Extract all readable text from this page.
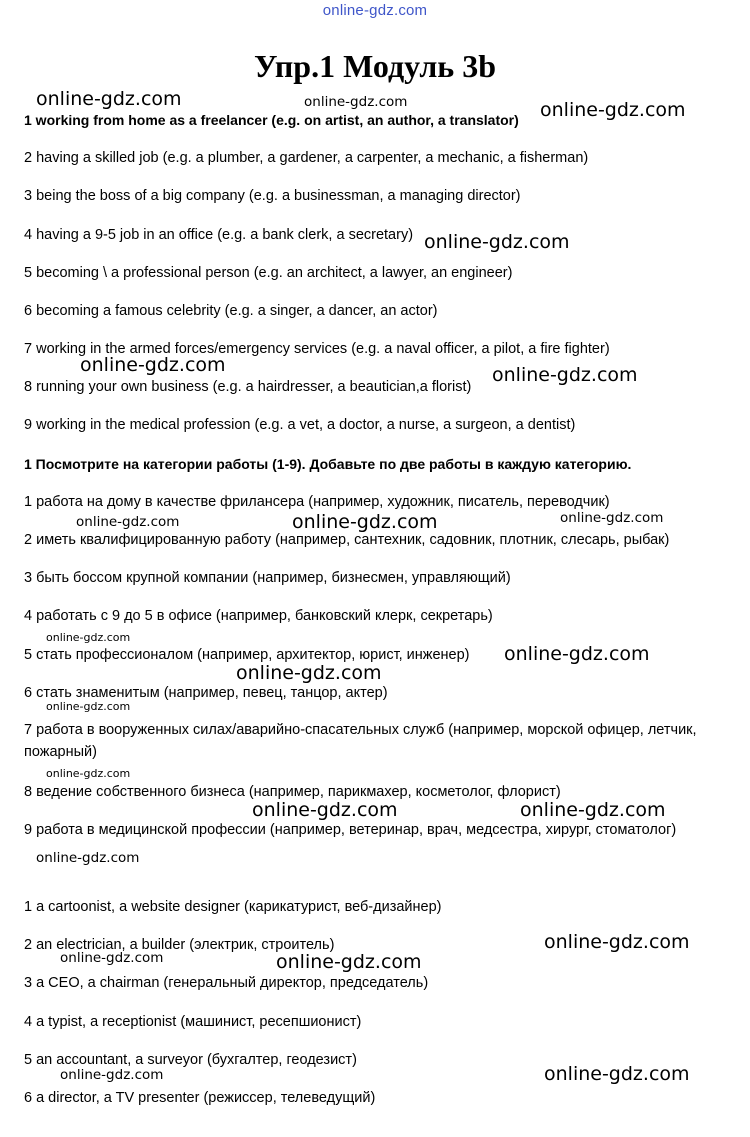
online-gdz.com
Упр.1 Модуль 3b
1 working from home as a freelancer (e.g. on artist, an author, a translator)
2 having a skilled job (e.g. a plumber, a gardener, a carpenter, a mechanic, a fisherman)
3 being the boss of a big company (e.g. a businessman, a managing director)
4 having a 9-5 job in an office (e.g. a bank clerk, a secretary)
5 becoming \ a professional person (e.g. an architect, a lawyer, an engineer)
6 becoming a famous celebrity (e.g. a singer, a dancer, an actor)
7 working in the armed forces/emergency services (e.g. a naval officer, a pilot, a fire fighter)
8 running your own business (e.g. a hairdresser, a beautician,a florist)
9 working in the medical profession (e.g. a vet, a doctor, a nurse, a surgeon, a dentist)
1 Посмотрите на категории работы (1-9). Добавьте по две работы в каждую категорию.
1 работа на дому в качестве фрилансера (например, художник, писатель, переводчик)
2 иметь квалифицированную работу (например, сантехник, садовник, плотник, слесарь, рыбак)
3 быть боссом крупной компании (например, бизнесмен, управляющий)
4 работать с 9 до 5 в офисе (например, банковский клерк, секретарь)
5 стать профессионалом (например, архитектор, юрист, инженер)
6 стать знаменитым (например, певец, танцор, актер)
7 работа в вооруженных силах/аварийно-спасательных служб (например, морской офицер, летчик, пожарный)
8 ведение собственного бизнеса (например, парикмахер, косметолог, флорист)
9 работа в медицинской профессии (например, ветеринар, врач, медсестра, хирург, стоматолог)
1 a cartoonist, a website designer (карикатурист, веб-дизайнер)
2 an electrician, a builder (электрик, строитель)
3 a CEO, a chairman (генеральный директор, председатель)
4 a typist, a receptionist (машинист, ресепшионист)
5 an accountant, a surveyor (бухгалтер, геодезист)
6 a director, a TV presenter (режиссер, телеведущий)
online-gdz.com	online-gdz.com	online-gdz.com
online-gdz.com
online-gdz.com	online-gdz.com
online-gdz.com	online-gdz.com	online-gdz.com
online-gdz.com
online-gdz.com
online-gdz.com
online-gdz.com
online-gdz.com
online-gdz.com	online-gdz.com
online-gdz.com
online-gdz.com
online-gdz.com	online-gdz.com
online-gdz.com	online-gdz.com
